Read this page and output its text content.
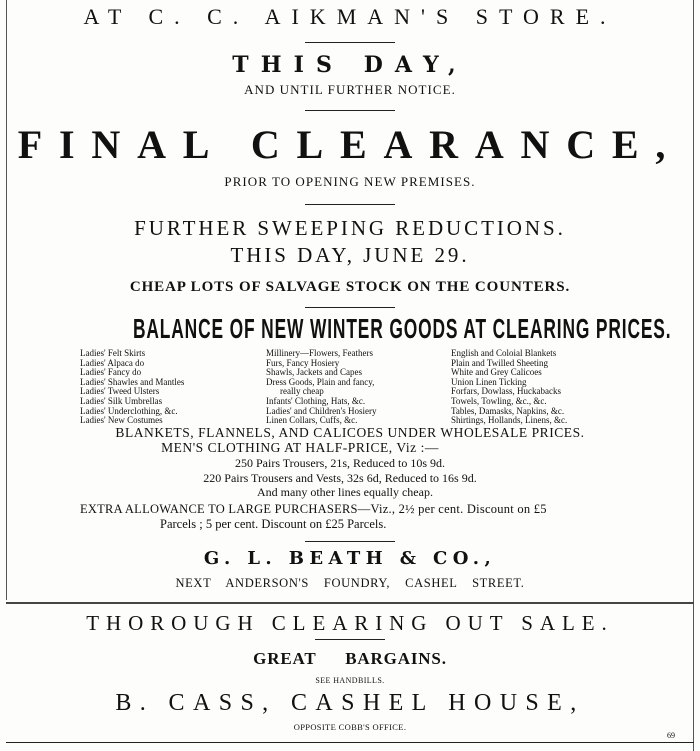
AT C. C. AIKMAN'S STORE.
THIS DAY,
AND UNTIL FURTHER NOTICE.
FINAL CLEARANCE,
PRIOR TO OPENING NEW PREMISES.
FURTHER SWEEPING REDUCTIONS.
THIS DAY, JUNE 29.
CHEAP LOTS OF SALVAGE STOCK ON THE COUNTERS.
BALANCE OF NEW WINTER GOODS AT CLEARING PRICES.
Ladies' Felt Skirts
Ladies' Alpaca do
Ladies' Fancy do
Ladies' Shawles and Mantles
Ladies' Tweed Ulsters
Ladies' Silk Umbrellas
Ladies' Underclothing, &c.
Ladies' New Costumes
Millinery—Flowers, Feathers
Furs, Fancy Hosiery
Shawls, Jackets and Capes
Dress Goods, Plain and fancy,
really cheap
Infants' Clothing, Hats, &c.
Ladies' and Children's Hosiery
Linen Collars, Cuffs, &c.
English and Coloial Blankets
Plain and Twilled Sheeting
White and Grey Calicoes
Union Linen Ticking
Forfars, Dowlass, Huckabacks
Towels, Towling, &c., &c.
Tables, Damasks, Napkins, &c.
Shirtings, Hollands, Linens, &c.
BLANKETS, FLANNELS, AND CALICOES UNDER WHOLESALE PRICES.
MEN'S CLOTHING AT HALF-PRICE, Viz :—
250 Pairs Trousers, 21s, Reduced to 10s 9d.
220 Pairs Trousers and Vests, 32s 6d, Reduced to 16s 9d.
And many other lines equally cheap.
EXTRA ALLOWANCE TO LARGE PURCHASERS—Viz., 2½ per cent. Discount on £5
Parcels ; 5 per cent. Discount on £25 Parcels.
G. L. BEATH & CO.,
NEXT ANDERSON'S FOUNDRY, CASHEL STREET.
THOROUGH CLEARING OUT SALE.
GREAT BARGAINS.
SEE HANDBILLS.
B. CASS, CASHEL HOUSE,
OPPOSITE COBB'S OFFICE.
69
